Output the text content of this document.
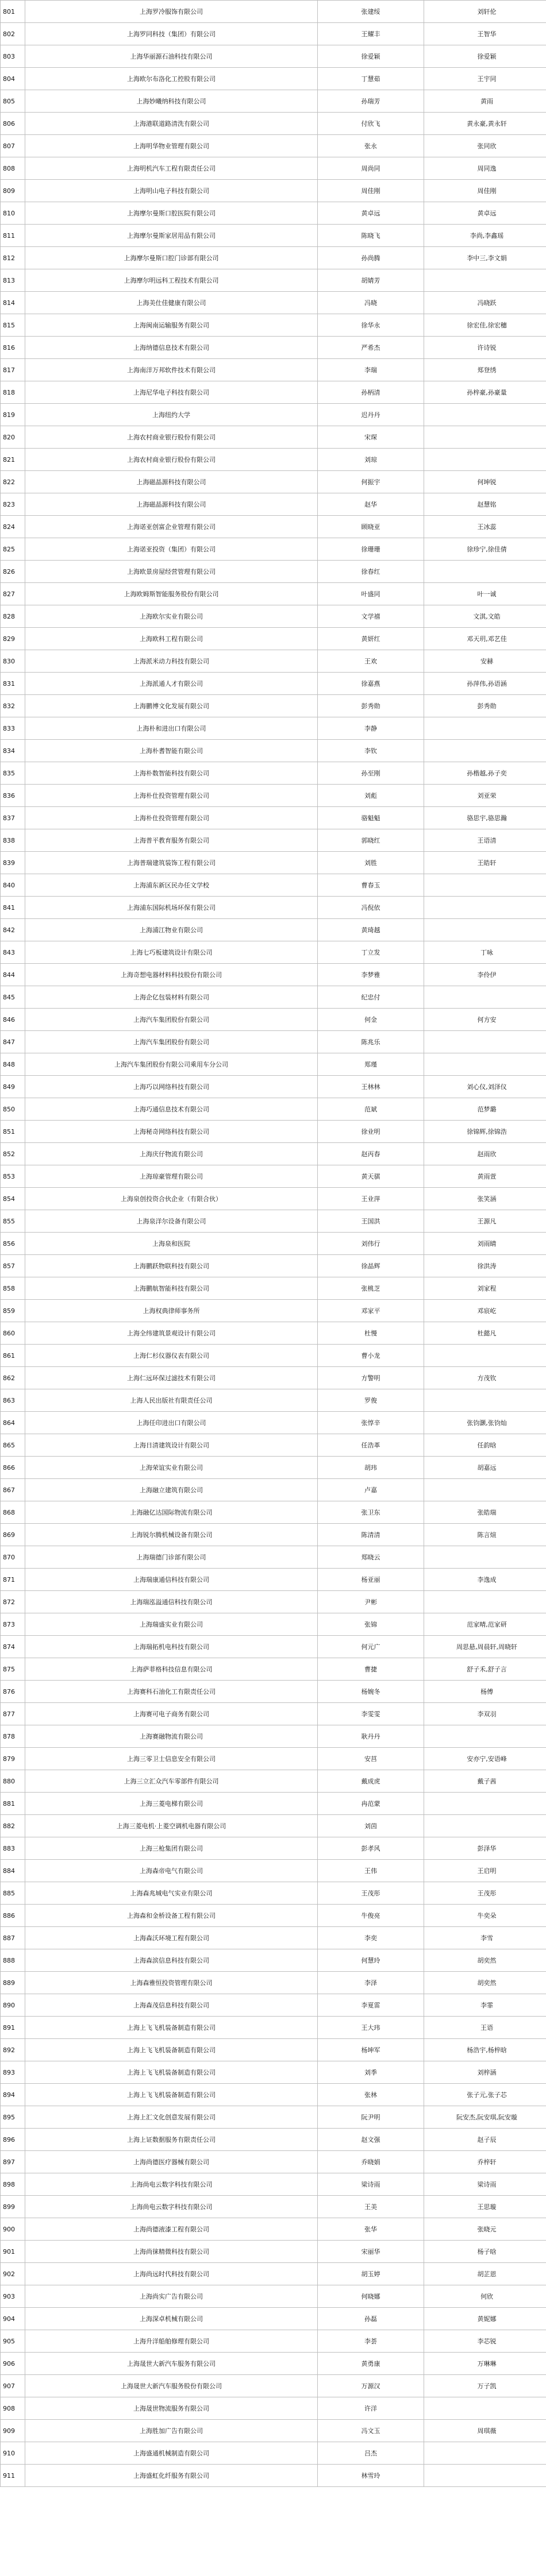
801	上海罗冷服饰有限公司	张建绥	刘轩伦
802	上海罗同科技（集团）有限公司	王耀丰	王智华
803	上海华丽源石油科技有限公司	徐爱颖	徐爱颖
804	上海欧尔布洛化工控股有限公司	丁慧茹	王宇同
805	上海妙曦纳科技有限公司	孙瑞芳	黄雨
806	上海港联道路清洗有限公司	付欣飞	黄永豪,黄永轩
807	上海明华物业管理有限公司	张永	张同欣
808	上海明机汽车工程有限责任公司	周尚同	周同逸
809	上海明山电子科技有限公司	周佳刚	周佳刚
810	上海摩尔曼斯口腔医院有限公司	黄卓远	黄卓远
811	上海摩尔曼斯家居用品有限公司	陈晓飞	李尚,李鑫瑶
812	上海摩尔曼斯口腔门诊部有限公司	孙尚腾	李中三,李文娟
813	上海摩尔明远科工程技术有限公司	胡婧芳	
814	上海美仕佳健康有限公司	冯晓	冯晓跃
815	上海闽南运输服务有限公司	徐华永	徐宏佳,徐宏穗
816	上海纳德信息技术有限公司	严希杰	许诗锐
817	上海南洋万邦软件技术有限公司	李瑞	郑登绣
818	上海尼华电子科技有限公司	孙柄清	孙梓豪,孙豪量
819	上海纽约大学	迟丹丹	
820	上海农村商业银行股份有限公司	宋琛	
821	上海农村商业银行股份有限公司	刘琼	
822	上海磁晶源科技有限公司	何振宇	何坤锐
823	上海磁晶源科技有限公司	赵华	赵慧铭
824	上海诺亚创富企业管理有限公司	顾晓亚	王冰蕊
825	上海诺亚投资（集团）有限公司	徐珊珊	徐珍宁,徐佳倩
826	上海欧景房屋经营管理有限公司	徐春红	
827	上海欧姆斯智能服务股份有限公司	叶盛同	叶一诚
828	上海欧尔实业有限公司	文学禧	文淇,文皓
829	上海欧科工程有限公司	黄妍红	邓天玥,邓艺佳
830	上海派米动力科技有限公司	王欢	安赫
831	上海派通人才有限公司	徐嘉燕	孙萍伟,孙语涵
832	上海鹏博文化发展有限公司	彭秀勋	彭秀勋
833	上海朴和进出口有限公司	李静	
834	上海朴耆智能有限公司	李钦	
835	上海朴数智能科技有限公司	孙至刚	孙楷越,孙子奕
836	上海朴仕投资管理有限公司	刘彪	刘亚荣
837	上海朴仕投资管理有限公司	骆魁魁	骆思宇,骆思瀚
838	上海普平教育服务有限公司	郭晓红	王语清
839	上海普瑞建筑装饰工程有限公司	刘胜	王皓轩
840	上海浦东新区民办任文学校	曹春玉	
841	上海浦东国际机场环保有限公司	冯倪依	
842	上海浦江物业有限公司	黄琦越	
843	上海七巧板建筑设计有限公司	丁立发	丁咏
844	上海奇想电器材料科技股份有限公司	李梦雅	李伶伊
845	上海企亿包装材料有限公司	纪忠付	
846	上海汽车集团股份有限公司	何金	何方安
847	上海汽车集团股份有限公司	陈兆乐	
848	上海汽车集团股份有限公司乘用车分公司	郑瑾	
849	上海巧以网络科技有限公司	王林林	刘心仪,刘泽仪
850	上海巧通信息技术有限公司	范斌	范梦璐
851	上海秘奇网络科技有限公司	徐业明	徐锦辉,徐锦浩
852	上海庆仔物流有限公司	赵丙春	赵雨欣
853	上海琼豪管理有限公司	黄天骐	黄雨萱
854	上海泉创投资合伙企业（有限合伙）	王业萍	张笑涵
855	上海泉洋尔设备有限公司	王国洪	王源凡
856	上海泉和医院	刘伟行	刘雨睛
857	上海鹏跃物联科技有限公司	徐晶辉	徐洪涛
858	上海鹏航智能科技有限公司	张桃芝	刘家程
859	上海权典律师事务所	邓家平	邓宸屹
860	上海全纬建筑景观设计有限公司	杜慢	杜懿凡
861	上海仁杉仪器仪表有限公司	曹小龙	
862	上海仁远环保过滤技术有限公司	方警明	方茂钦
863	上海人民出版社有限责任公司	罗俊	
864	上海任印进出口有限公司	张惇辛	张钧灏,张钧灿
865	上海日清建筑设计有限公司	任浩革	任韵晗
866	上海荣谊实业有限公司	胡玮	胡嘉远
867	上海融立建筑有限公司	卢嘉	
868	上海融亿达国际物流有限公司	张卫东	张皓瑞
869	上海锐尔腾机械设备有限公司	陈清清	陈言煊
870	上海瑞德门诊部有限公司	郑晓云	
871	上海瑞康通信科技有限公司	杨亚丽	李逸成
872	上海瑞泓溢通信科技有限公司	尹彬	
873	上海瑞盛实业有限公司	张锦	范家晴,范家研
874	上海瑞拓机电科技有限公司	何元广	周思悬,周晨轩,周晓轩
875	上海萨菲格科技信息有限公司	曹捷	舒子禾,舒子言
876	上海赛科石油化工有限责任公司	杨婉冬	杨傅
877	上海赛可电子商务有限公司	李雯雯	李双羽
878	上海赛融物流有限公司	耿丹丹	
879	上海三零卫士信息安全有限公司	安莒	安亦宁,安语峰
880	上海三立汇众汽车零部件有限公司	戴成虎	戴子茜
881	上海三菱电梯有限公司	冉范蒙	
882	上海三菱电机·上菱空调机电器有限公司	刘茵	
883	上海三枪集团有限公司	彭孝风	彭泽华
884	上海森帝电气有限公司	王伟	王启明
885	上海森兆城电气实业有限公司	王茂彤	王茂彤
886	上海森和金桥设备工程有限公司	牛俊亮	牛奕朵
887	上海森沃环境工程有限公司	李奕	李雪
888	上海森滨信息科技有限公司	何慧玲	胡奕然
889	上海森雅恒投资管理有限公司	李泽	胡奕然
890	上海森茂信息科技有限公司	李夏雷	李霏
891	上海上飞飞机装备制造有限公司	王大玮	王语
892	上海上飞飞机装备制造有限公司	杨坤军	杨浩宇,杨梓晗
893	上海上飞飞机装备制造有限公司	刘季	刘梓涵
894	上海上飞飞机装备制造有限公司	张林	张子元,张子芯
895	上海上汇文化创意发展有限公司	阮尹明	阮安杰,阮安琪,阮安璇
896	上海上证数据服务有限责任公司	赵文强	赵子辰
897	上海尚德医疗器械有限公司	乔晓娟	乔梓轩
898	上海尚电云数字科技有限公司	梁诗雨	梁诗雨
899	上海尚电云数字科技有限公司	王美	王思璇
900	上海尚德液漆工程有限公司	张华	张晓元
901	上海尚徕精微科技有限公司	宋丽华	杨子晗
902	上海尚远时代科技有限公司	胡玉婷	胡芷恩
903	上海尚实广告有限公司	何晓娜	何欣
904	上海深卓机械有限公司	孙磊	黄妮娜
905	上海升洋船舶修理有限公司	李荟	李芯锐
906	上海晟世大新汽车服务有限公司	黄勇康	万琳琳
907	上海晟世大新汽车服务股份有限公司	万源汉	万子凯
908	上海晟世物流服务有限公司	许洋	
909	上海胜加广告有限公司	冯文玉	周琪薇
910	上海盛通机械制造有限公司	吕杰	
911	上海盛虹化纤服务有限公司	林雪玲	
